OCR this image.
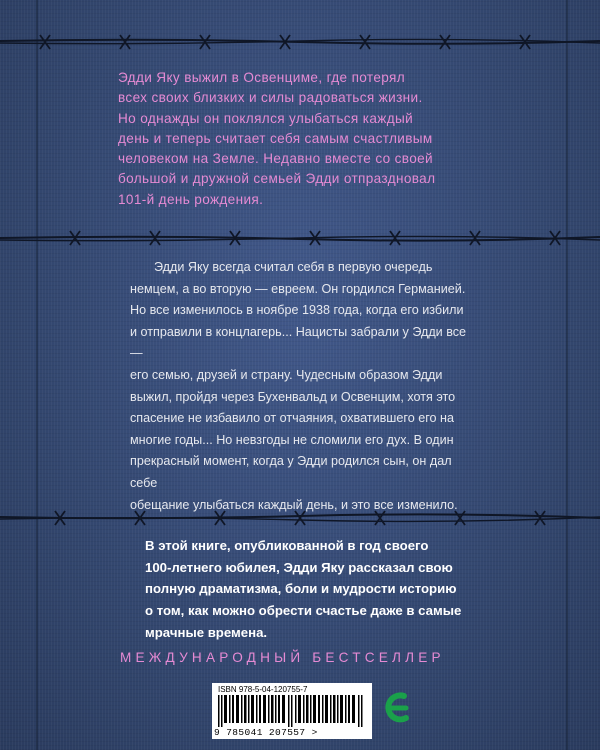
Эдди Яку выжил в Освенциме, где потерял

всех своих близких и силы радоваться жизни.

Но однажды он поклялся улыбаться каждый

день и теперь считает себя самым счастливым

человеком на Земле. Недавно вместе со своей

большой и дружной семьей Эдди отпраздновал

101-й день рождения.

Эдди Яку всегда считал себя в первую очередь

немцем, а во вторую — евреем. Он гордился Германией.

Но все изменилось в ноябре 1938 года, когда его избили

и отправили в концлагерь... Нацисты забрали у Эдди все —

его семью, друзей и страну. Чудесным образом Эдди

выжил, пройдя через Бухенвальд и Освенцим, хотя это

спасение не избавило от отчаяния, охватившего его на

многие годы... Но невзгоды не сломили его дух. В один

прекрасный момент, когда у Эдди родился сын, он дал себе

обещание улыбаться каждый день, и это все изменило.

В этой книге, опубликованной в год своего

100-летнего юбилея, Эдди Яку рассказал свою

полную драматизма, боли и мудрости историю

о том, как можно обрести счастье даже в самые

мрачные времена.

МЕЖДУНАРОДНЫЙ БЕСТСЕЛЛЕР
ISBN 978-5-04-120755-7
9 785041 207557 >
